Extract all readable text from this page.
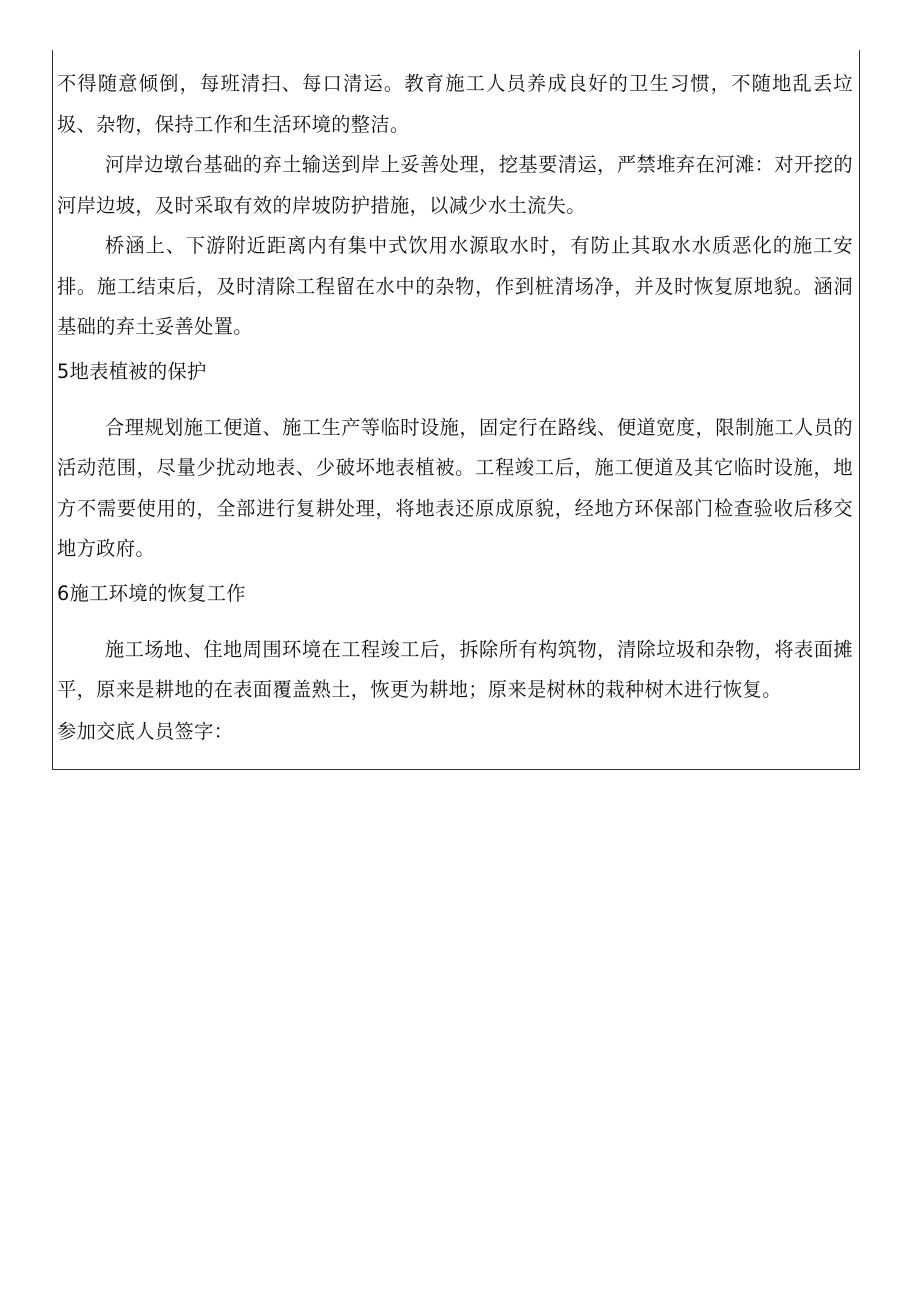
不得随意倾倒，每班清扫、每口清运。教育施工人员养成良好的卫生习惯，不随地乱丢垃圾、杂物，保持工作和生活环境的整洁。

河岸边墩台基础的弃土输送到岸上妥善处理，挖基要清运，严禁堆弃在河滩：对开挖的河岸边坡，及时采取有效的岸坡防护措施，以减少水土流失。

桥涵上、下游附近距离内有集中式饮用水源取水时，有防止其取水水质恶化的施工安排。施工结束后，及时清除工程留在水中的杂物，作到桩清场净，并及时恢复原地貌。涵洞基础的弃土妥善处置。

5地表植被的保护

合理规划施工便道、施工生产等临时设施，固定行在路线、便道宽度，限制施工人员的活动范围，尽量少扰动地表、少破坏地表植被。工程竣工后，施工便道及其它临时设施，地方不需要使用的，全部进行复耕处理，将地表还原成原貌，经地方环保部门检查验收后移交地方政府。

6施工环境的恢复工作

施工场地、住地周围环境在工程竣工后，拆除所有构筑物，清除垃圾和杂物，将表面摊平，原来是耕地的在表面覆盖熟土，恢更为耕地；原来是树林的栽种树木进行恢复。

参加交底人员签字：
